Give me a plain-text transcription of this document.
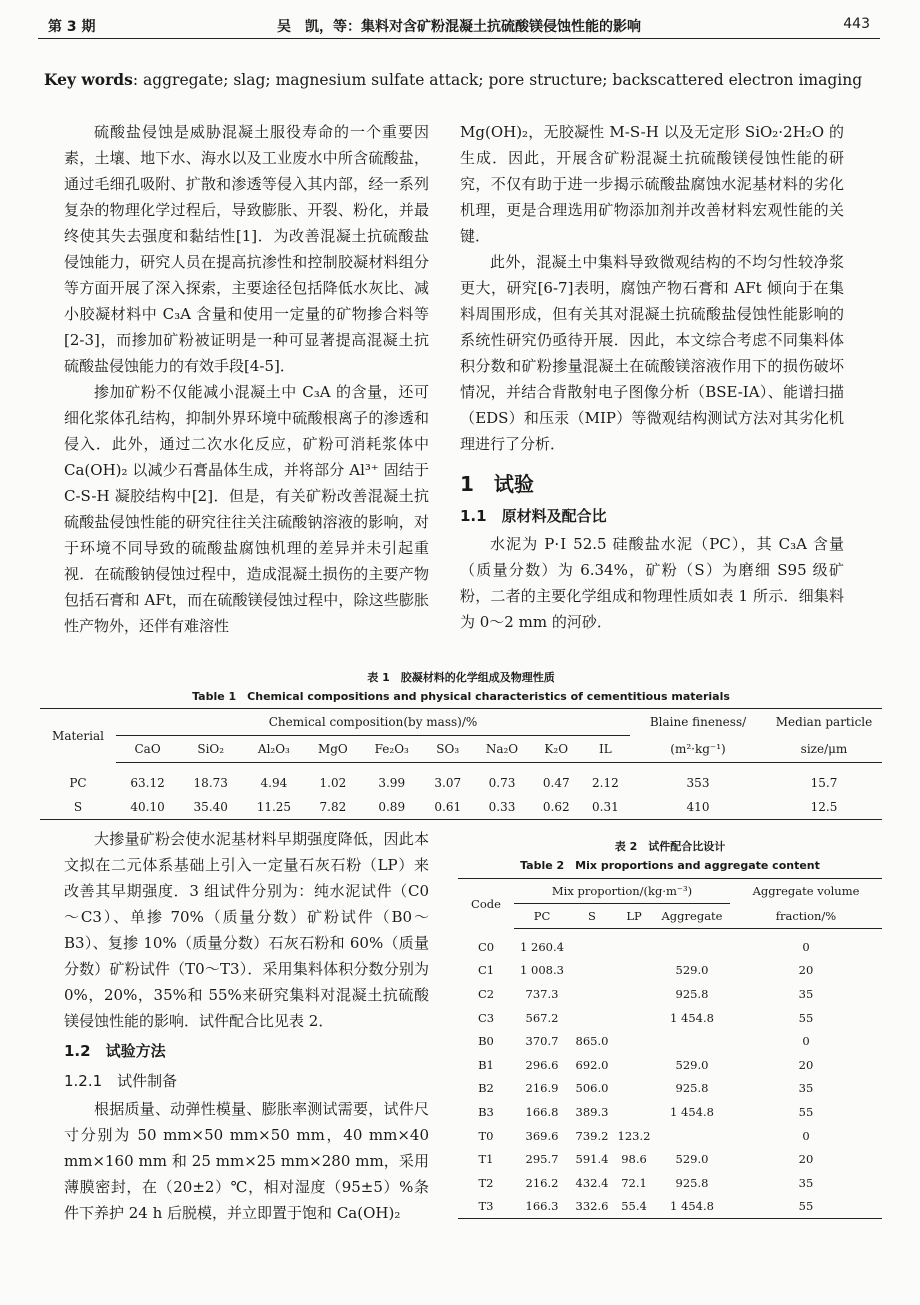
第 3 期	吴　凯，等：集料对含矿粉混凝土抗硫酸镁侵蚀性能的影响	443
Key words: aggregate; slag; magnesium sulfate attack; pore structure; backscattered electron imaging

硫酸盐侵蚀是威胁混凝土服役寿命的一个重要因素，土壤、地下水、海水以及工业废水中所含硫酸盐，通过毛细孔吸附、扩散和渗透等侵入其内部，经一系列复杂的物理化学过程后，导致膨胀、开裂、粉化，并最终使其失去强度和黏结性[1]．为改善混凝土抗硫酸盐侵蚀能力，研究人员在提高抗渗性和控制胶凝材料组分等方面开展了深入探索，主要途径包括降低水灰比、减小胶凝材料中 C₃A 含量和使用一定量的矿物掺合料等[2-3]，而掺加矿粉被证明是一种可显著提高混凝土抗硫酸盐侵蚀能力的有效手段[4-5]．

掺加矿粉不仅能减小混凝土中 C₃A 的含量，还可细化浆体孔结构，抑制外界环境中硫酸根离子的渗透和侵入．此外，通过二次水化反应，矿粉可消耗浆体中 Ca(OH)₂ 以减少石膏晶体生成，并将部分 Al³⁺ 固结于 C-S-H 凝胶结构中[2]．但是，有关矿粉改善混凝土抗硫酸盐侵蚀性能的研究往往关注硫酸钠溶液的影响，对于环境不同导致的硫酸盐腐蚀机理的差异并未引起重视．在硫酸钠侵蚀过程中，造成混凝土损伤的主要产物包括石膏和 AFt，而在硫酸镁侵蚀过程中，除这些膨胀性产物外，还伴有难溶性

Mg(OH)₂，无胶凝性 M-S-H 以及无定形 SiO₂·2H₂O 的生成．因此，开展含矿粉混凝土抗硫酸镁侵蚀性能的研究，不仅有助于进一步揭示硫酸盐腐蚀水泥基材料的劣化机理，更是合理选用矿物添加剂并改善材料宏观性能的关键．

此外，混凝土中集料导致微观结构的不均匀性较净浆更大，研究[6-7]表明，腐蚀产物石膏和 AFt 倾向于在集料周围形成，但有关其对混凝土抗硫酸盐侵蚀性能影响的系统性研究仍亟待开展．因此，本文综合考虑不同集料体积分数和矿粉掺量混凝土在硫酸镁溶液作用下的损伤破坏情况，并结合背散射电子图像分析（BSE-IA）、能谱扫描（EDS）和压汞（MIP）等微观结构测试方法对其劣化机理进行了分析．

1　试验
1.1　原材料及配合比

水泥为 P·Ⅰ 52.5 硅酸盐水泥（PC），其 C₃A 含量（质量分数）为 6.34%，矿粉（S）为磨细 S95 级矿粉，二者的主要化学组成和物理性质如表 1 所示．细集料为 0～2 mm 的河砂．

表 1　胶凝材料的化学组成及物理性质
Table 1　Chemical compositions and physical characteristics of cementitious materials
Material	Chemical composition(by mass)/%									Blaine fineness/	Median particle
	CaO	SiO₂	Al₂O₃	MgO	Fe₂O₃	SO₃	Na₂O	K₂O	IL	(m²·kg⁻¹)	size/μm
PC	63.12	18.73	4.94	1.02	3.99	3.07	0.73	0.47	2.12	353	15.7
S	40.10	35.40	11.25	7.82	0.89	0.61	0.33	0.62	0.31	410	12.5

大掺量矿粉会使水泥基材料早期强度降低，因此本文拟在二元体系基础上引入一定量石灰石粉（LP）来改善其早期强度．3 组试件分别为：纯水泥试件（C0～C3）、单掺 70%（质量分数）矿粉试件（B0～B3）、复掺 10%（质量分数）石灰石粉和 60%（质量分数）矿粉试件（T0～T3）．采用集料体积分数分别为 0%，20%，35%和 55%来研究集料对混凝土抗硫酸镁侵蚀性能的影响．试件配合比见表 2．

1.2　试验方法
1.2.1　试件制备

根据质量、动弹性模量、膨胀率测试需要，试件尺寸分别为 50 mm×50 mm×50 mm，40 mm×40 mm×160 mm 和 25 mm×25 mm×280 mm，采用薄膜密封，在（20±2）℃，相对湿度（95±5）%条件下养护 24 h 后脱模，并立即置于饱和 Ca(OH)₂

表 2　试件配合比设计
Table 2　Mix proportions and aggregate content
Code	Mix proportion/(kg·m⁻³)				Aggregate volume
	PC	S	LP	Aggregate	fraction/%
C0	1 260.4				0
C1	1 008.3			529.0	20
C2	737.3			925.8	35
C3	567.2			1 454.8	55
B0	370.7	865.0			0
B1	296.6	692.0		529.0	20
B2	216.9	506.0		925.8	35
B3	166.8	389.3		1 454.8	55
T0	369.6	739.2	123.2		0
T1	295.7	591.4	98.6	529.0	20
T2	216.2	432.4	72.1	925.8	35
T3	166.3	332.6	55.4	1 454.8	55
